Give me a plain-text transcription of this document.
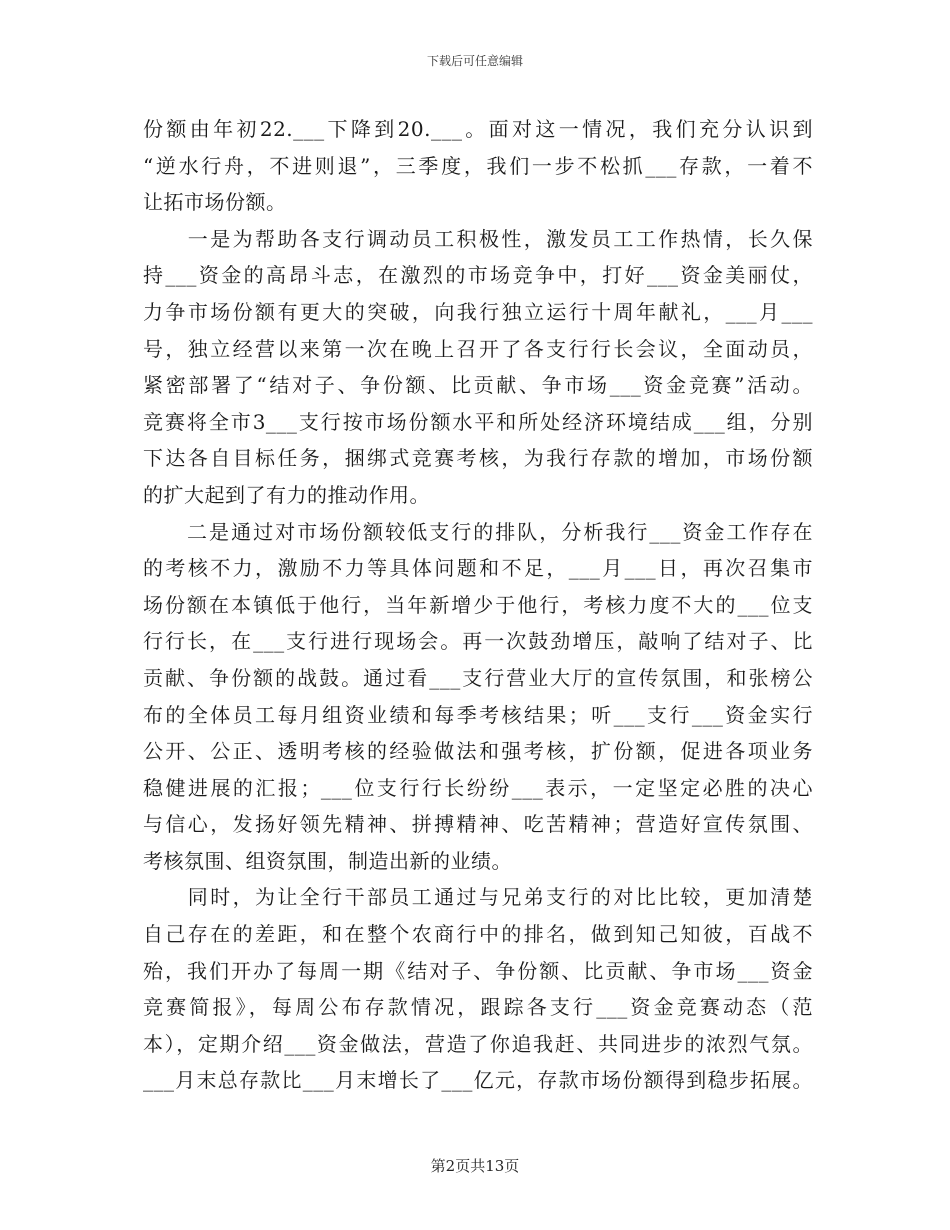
下载后可任意编辑
份额由年初22.___下降到20.___。面对这一情况，我们充分认识到
“逆水行舟，不进则退”，三季度，我们一步不松抓___存款，一着不
让拓市场份额。
　　一是为帮助各支行调动员工积极性，激发员工工作热情，长久保
持___资金的高昂斗志，在激烈的市场竞争中，打好___资金美丽仗，
力争市场份额有更大的突破，向我行独立运行十周年献礼，___月___
号，独立经营以来第一次在晚上召开了各支行行长会议，全面动员，
紧密部署了“结对子、争份额、比贡献、争市场___资金竞赛”活动。
竞赛将全市3___支行按市场份额水平和所处经济环境结成___组，分别
下达各自目标任务，捆绑式竞赛考核，为我行存款的增加，市场份额
的扩大起到了有力的推动作用。
　　二是通过对市场份额较低支行的排队，分析我行___资金工作存在
的考核不力，激励不力等具体问题和不足，___月___日，再次召集市
场份额在本镇低于他行，当年新增少于他行，考核力度不大的___位支
行行长，在___支行进行现场会。再一次鼓劲增压，敲响了结对子、比
贡献、争份额的战鼓。通过看___支行营业大厅的宣传氛围，和张榜公
布的全体员工每月组资业绩和每季考核结果；听___支行___资金实行
公开、公正、透明考核的经验做法和强考核，扩份额，促进各项业务
稳健进展的汇报；___位支行行长纷纷___表示，一定坚定必胜的决心
与信心，发扬好领先精神、拼搏精神、吃苦精神；营造好宣传氛围、
考核氛围、组资氛围，制造出新的业绩。
　　同时，为让全行干部员工通过与兄弟支行的对比比较，更加清楚
自己存在的差距，和在整个农商行中的排名，做到知己知彼，百战不
殆，我们开办了每周一期《结对子、争份额、比贡献、争市场___资金
竞赛简报》，每周公布存款情况，跟踪各支行___资金竞赛动态（范
本），定期介绍___资金做法，营造了你追我赶、共同进步的浓烈气氛。
___月末总存款比___月末增长了___亿元，存款市场份额得到稳步拓展。
第2页共13页
